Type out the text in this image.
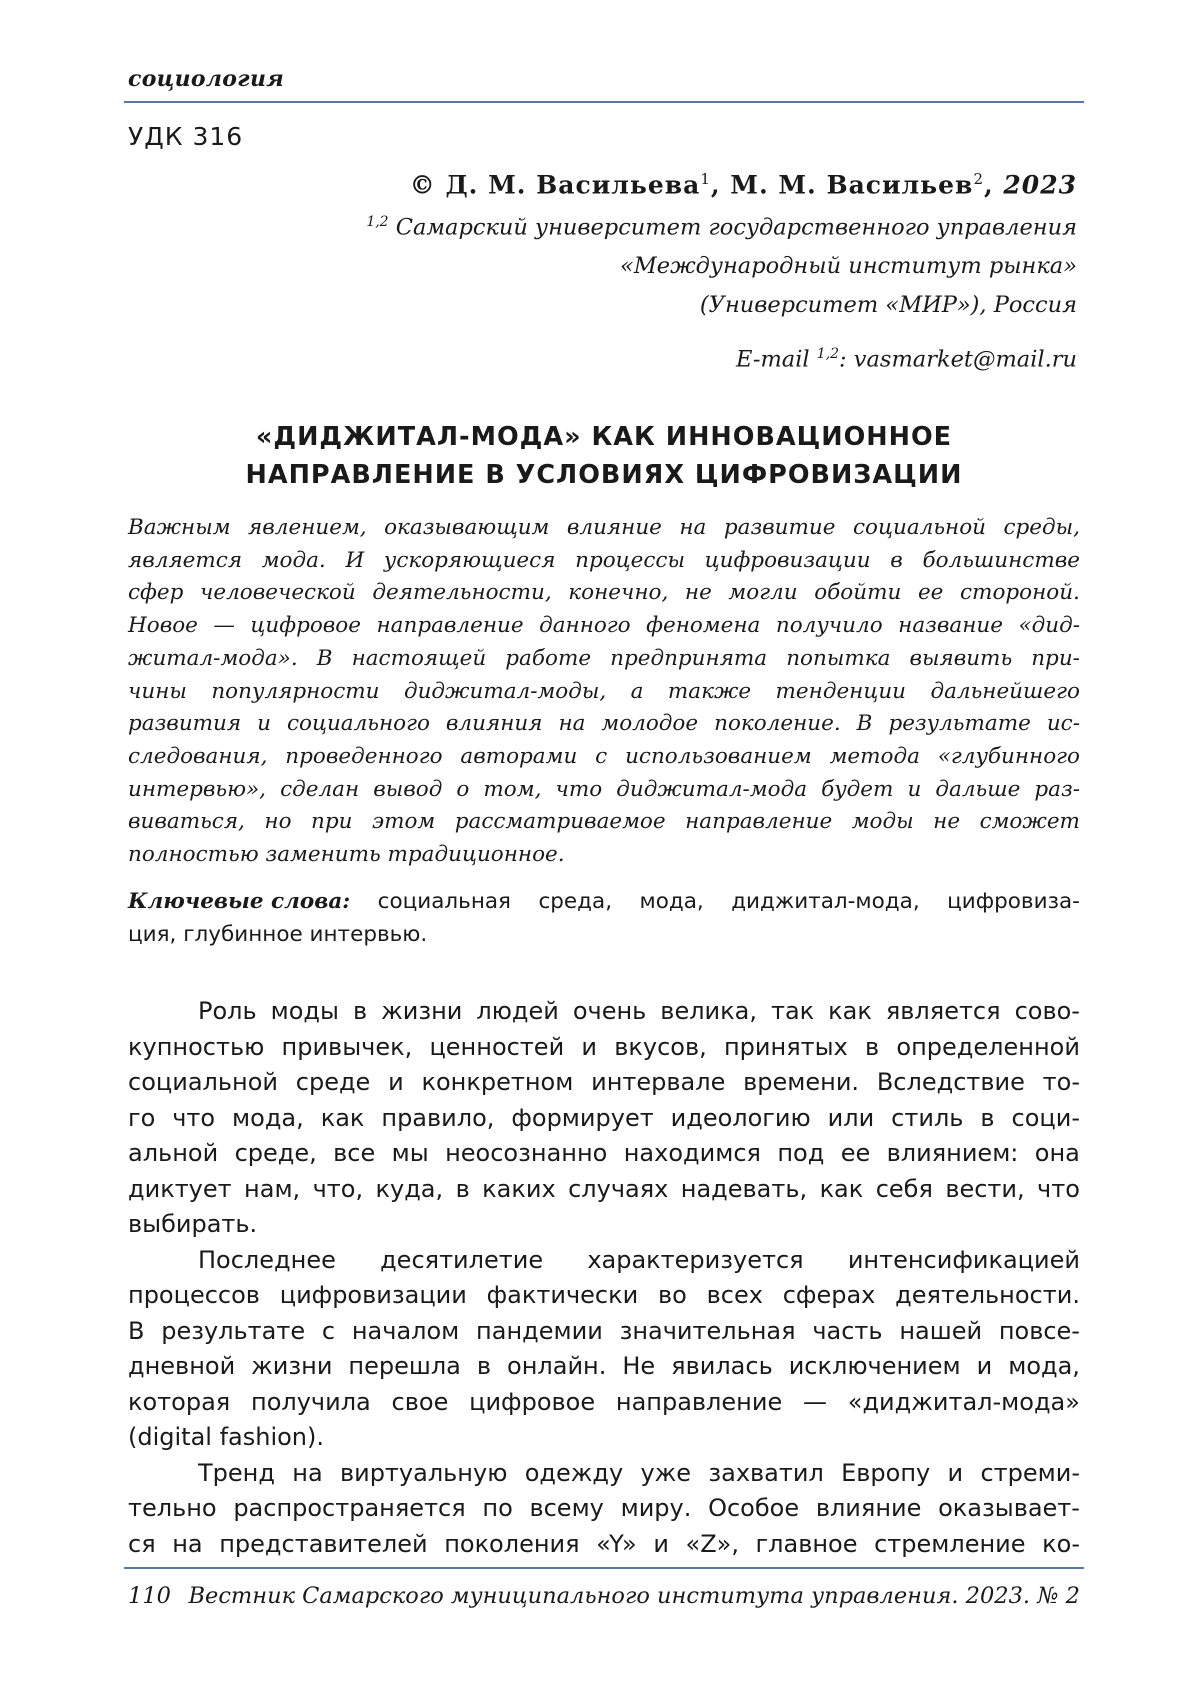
социология
УДК 316
© Д. М. Васильева$^1$, М. М. Васильев$^2$, 2023
$^{1,2}$ Самарский университет государственного управления
«Международный институт рынка»
(Университет «МИР»), Россия
E-mail $^{1,2}$: vasmarket@mail.ru
«ДИДЖИТАЛ-МОДА» КАК ИННОВАЦИОННОЕ
НАПРАВЛЕНИЕ В УСЛОВИЯХ ЦИФРОВИЗАЦИИ
Важным явлением, оказывающим влияние на развитие социальной среды,
является мода. И ускоряющиеся процессы цифровизации в большинстве
сфер человеческой деятельности, конечно, не могли обойти ее стороной.
Новое — цифровое направление данного феномена получило название «дид-
житал-мода». В настоящей работе предпринята попытка выявить при-
чины популярности диджитал-моды, а также тенденции дальнейшего
развития и социального влияния на молодое поколение. В результате ис-
следования, проведенного авторами с использованием метода «глубинного
интервью», сделан вывод о том, что диджитал-мода будет и дальше раз-
виваться, но при этом рассматриваемое направление моды не сможет
полностью заменить традиционное.
Ключевые слова: социальная среда, мода, диджитал-мода, цифровиза-
ция, глубинное интервью.
Роль моды в жизни людей очень велика, так как является сово-
купностью привычек, ценностей и вкусов, принятых в определенной
социальной среде и конкретном интервале времени. Вследствие то-
го что мода, как правило, формирует идеологию или стиль в соци-
альной среде, все мы неосознанно находимся под ее влиянием: она
диктует нам, что, куда, в каких случаях надевать, как себя вести, что
выбирать.
Последнее десятилетие характеризуется интенсификацией
процессов цифровизации фактически во всех сферах деятельности.
В результате с началом пандемии значительная часть нашей повсе-
дневной жизни перешла в онлайн. Не явилась исключением и мода,
которая получила свое цифровое направление — «диджитал-мода»
(digital fashion).
Тренд на виртуальную одежду уже захватил Европу и стреми-
тельно распространяется по всему миру. Особое влияние оказывает-
ся на представителей поколения «Y» и «Z», главное стремление ко-
110 Вестник Самарского муниципального института управления. 2023. № 2
